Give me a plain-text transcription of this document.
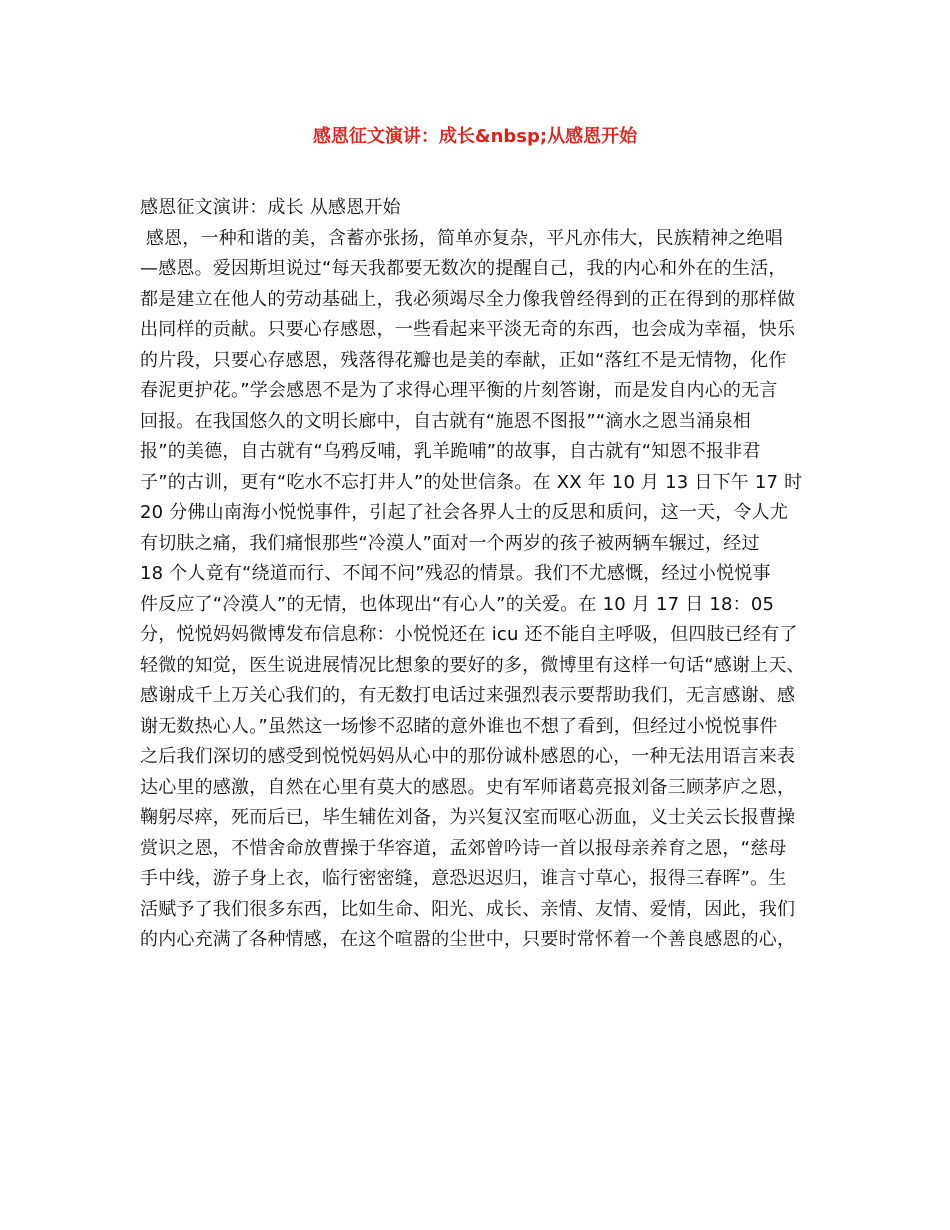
感恩征文演讲：成长&nbsp;从感恩开始
感恩征文演讲：成长 从感恩开始
感恩，一种和谐的美，含蓄亦张扬，简单亦复杂，平凡亦伟大，民族精神之绝唱
—感恩。爱因斯坦说过“每天我都要无数次的提醒自己，我的内心和外在的生活，
都是建立在他人的劳动基础上，我必须竭尽全力像我曾经得到的正在得到的那样做
出同样的贡献。只要心存感恩，一些看起来平淡无奇的东西，也会成为幸福，快乐
的片段，只要心存感恩，残落得花瓣也是美的奉献，正如“落红不是无情物，化作
春泥更护花。”学会感恩不是为了求得心理平衡的片刻答谢，而是发自内心的无言
回报。在我国悠久的文明长廊中，自古就有“施恩不图报”“滴水之恩当涌泉相
报”的美德，自古就有“乌鸦反哺，乳羊跪哺”的故事，自古就有“知恩不报非君
子”的古训，更有“吃水不忘打井人”的处世信条。在 XX 年 10 月 13 日下午 17 时
20 分佛山南海小悦悦事件，引起了社会各界人士的反思和质问，这一天，令人尤
有切肤之痛，我们痛恨那些“冷漠人”面对一个两岁的孩子被两辆车辗过，经过
18 个人竟有“绕道而行、不闻不问”残忍的情景。我们不尤感慨，经过小悦悦事
件反应了“冷漠人”的无情，也体现出“有心人”的关爱。在 10 月 17 日 18：05
分，悦悦妈妈微博发布信息称：小悦悦还在 icu 还不能自主呼吸，但四肢已经有了
轻微的知觉，医生说进展情况比想象的要好的多，微博里有这样一句话“感谢上天、
感谢成千上万关心我们的，有无数打电话过来强烈表示要帮助我们，无言感谢、感
谢无数热心人。”虽然这一场惨不忍睹的意外谁也不想了看到，但经过小悦悦事件
之后我们深切的感受到悦悦妈妈从心中的那份诚朴感恩的心，一种无法用语言来表
达心里的感激，自然在心里有莫大的感恩。史有军师诸葛亮报刘备三顾茅庐之恩，
鞠躬尽瘁，死而后已，毕生辅佐刘备，为兴复汉室而呕心沥血，义士关云长报曹操
赏识之恩，不惜舍命放曹操于华容道，孟郊曾吟诗一首以报母亲养育之恩，“慈母
手中线，游子身上衣，临行密密缝，意恐迟迟归，谁言寸草心，报得三春晖”。生
活赋予了我们很多东西，比如生命、阳光、成长、亲情、友情、爱情，因此，我们
的内心充满了各种情感，在这个喧嚣的尘世中，只要时常怀着一个善良感恩的心，
